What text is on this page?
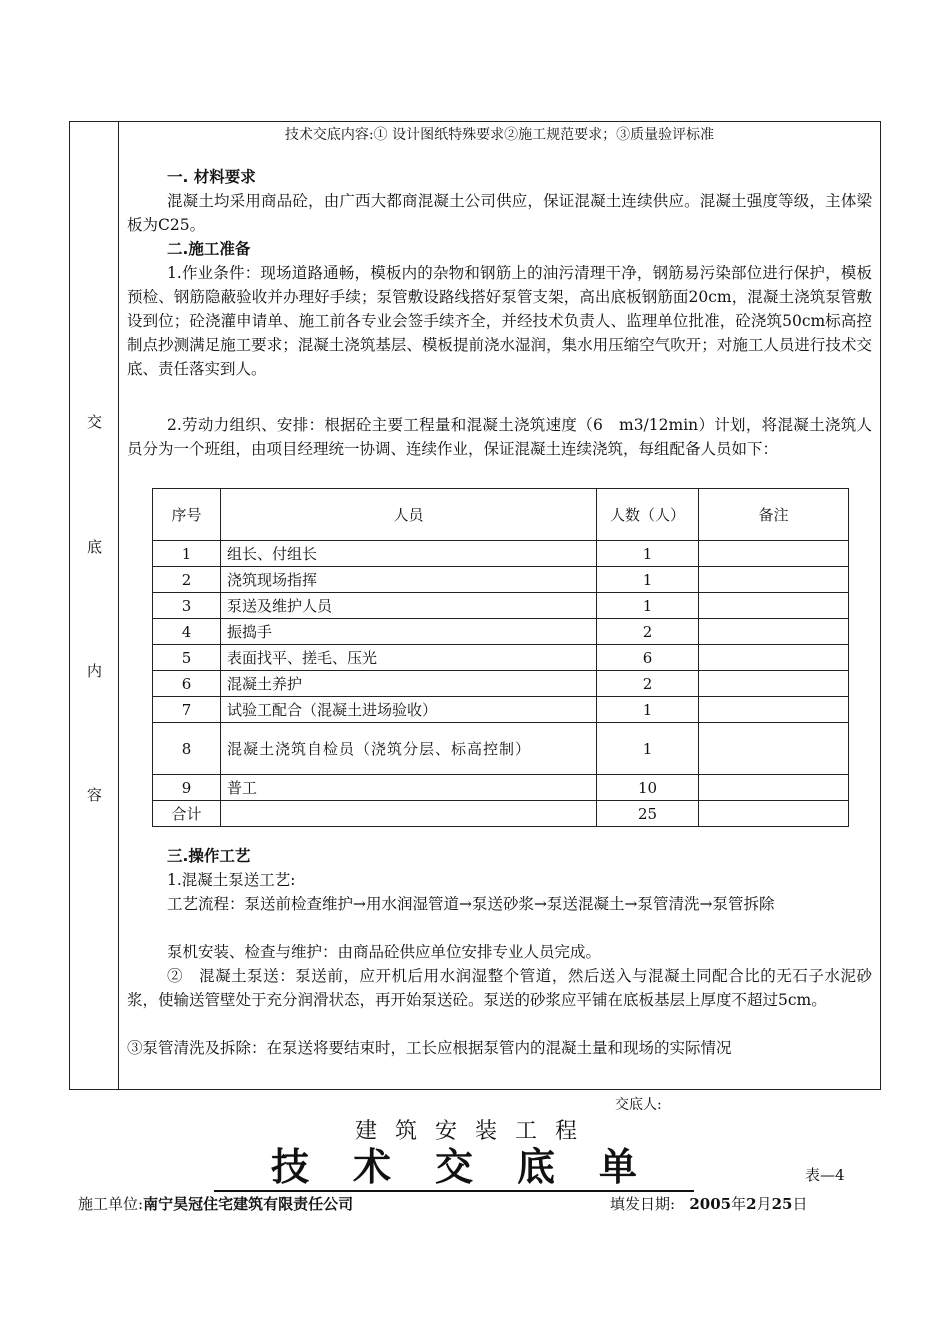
交
底
内
容
技术交底内容:① 设计图纸特殊要求②施工规范要求；③质量验评标准
一. 材料要求
混凝土均采用商品砼，由广西大都商混凝土公司供应，保证混凝土连续供应。混凝土强度等级，主体梁板为C25。
二.施工准备
1.作业条件：现场道路通畅，模板内的杂物和钢筋上的油污清理干净，钢筋易污染部位进行保护，模板预检、钢筋隐蔽验收并办理好手续；泵管敷设路线搭好泵管支架，高出底板钢筋面20cm，混凝土浇筑泵管敷设到位；砼浇灌申请单、施工前各专业会签手续齐全，并经技术负责人、监理单位批准，砼浇筑50cm标高控制点抄测满足施工要求；混凝土浇筑基层、模板提前浇水湿润，集水用压缩空气吹开；对施工人员进行技术交底、责任落实到人。
2.劳动力组织、安排：根据砼主要工程量和混凝土浇筑速度（6　m3/12min）计划，将混凝土浇筑人员分为一个班组，由项目经理统一协调、连续作业，保证混凝土连续浇筑，每组配备人员如下：
序号	人员	人数（人）	备注
1	组长、付组长	1	
2	浇筑现场指挥	1	
3	泵送及维护人员	1	
4	振捣手	2	
5	表面找平、搓毛、压光	6	
6	混凝土养护	2	
7	试验工配合（混凝土进场验收）	1	
8	混凝土浇筑自检员（浇筑分层、标高控制）	1	
9	普工	10	
合计		25	
三.操作工艺
1.混凝土泵送工艺:
工艺流程：泵送前检查维护→用水润湿管道→泵送砂浆→泵送混凝土→泵管清洗→泵管拆除
泵机安装、检查与维护：由商品砼供应单位安排专业人员完成。
②　混凝土泵送：泵送前，应开机后用水润湿整个管道，然后送入与混凝土同配合比的无石子水泥砂浆，使输送管壁处于充分润滑状态，再开始泵送砼。泵送的砂浆应平铺在底板基层上厚度不超过5cm。
③泵管清洗及拆除：在泵送将要结束时，工长应根据泵管内的混凝土量和现场的实际情况
交底人:
建筑安装工程
技术交底单	表—4
施工单位:南宁昊冠住宅建筑有限责任公司	填发日期: 2005年2月25日
